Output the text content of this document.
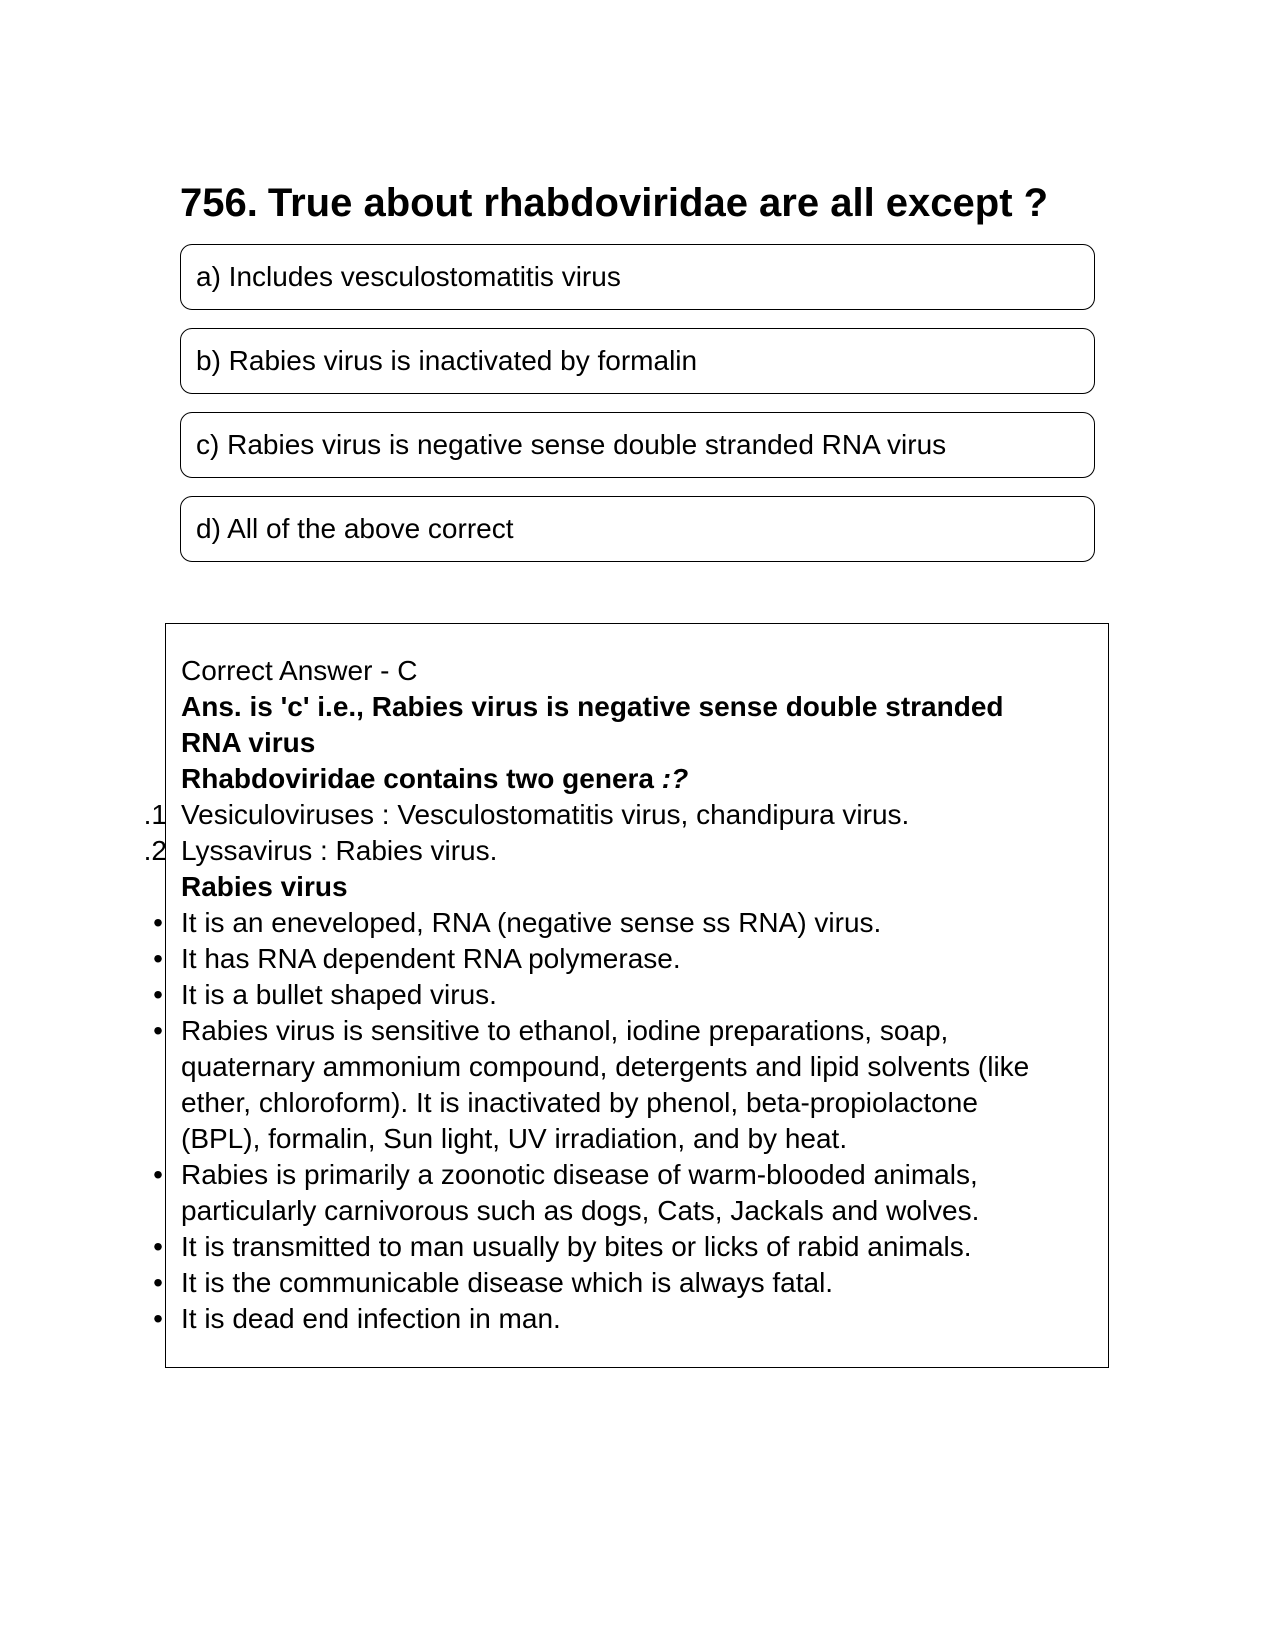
756. True about rhabdoviridae are all except ?
a) Includes vesculostomatitis virus
b) Rabies virus is inactivated by formalin
c) Rabies virus is negative sense double stranded RNA virus
d) All of the above correct

Correct Answer - C

Ans. is 'c' i.e., Rabies virus is negative sense double stranded

RNA virus

Rhabdoviridae contains two genera :?

1. Vesiculoviruses : Vesculostomatitis virus, chandipura virus.
2. Lyssavirus : Rabies virus.

Rabies virus

• It is an eneveloped, RNA (negative sense ss RNA) virus.
• It has RNA dependent RNA polymerase.
• It is a bullet shaped virus.
• Rabies virus is sensitive to ethanol, iodine preparations, soap,
quaternary ammonium compound, detergents and lipid solvents (like
ether, chloroform). It is inactivated by phenol, beta-propiolactone
(BPL), formalin, Sun light, UV irradiation, and by heat.
• Rabies is primarily a zoonotic disease of warm-blooded animals,
particularly carnivorous such as dogs, Cats, Jackals and wolves.
• It is transmitted to man usually by bites or licks of rabid animals.
• It is the communicable disease which is always fatal.
• It is dead end infection in man.
